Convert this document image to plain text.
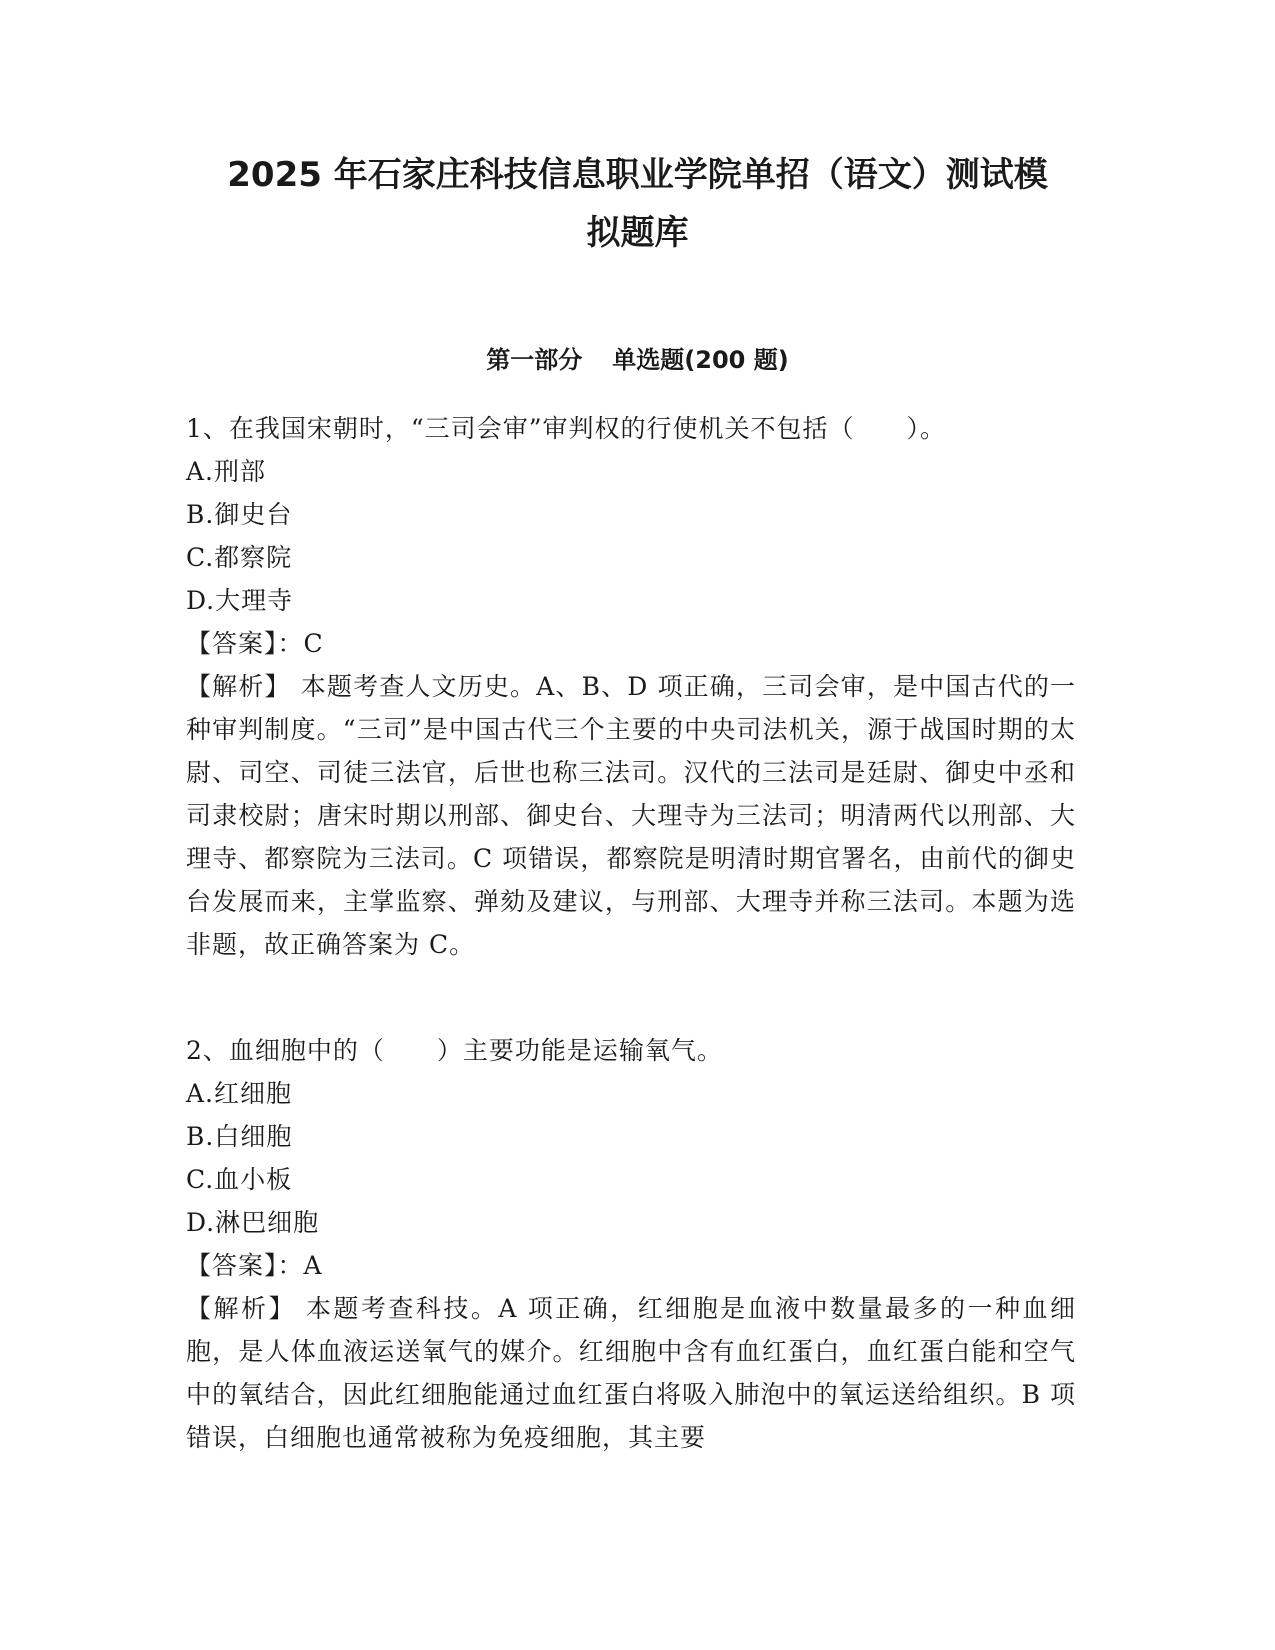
2025 年石家庄科技信息职业学院单招（语文）测试模
拟题库
第一部分 单选题(200 题)
1、在我国宋朝时，“三司会审”审判权的行使机关不包括（　　）。
A.刑部
B.御史台
C.都察院
D.大理寺
【答案】：C
【解析】 本题考查人文历史。A、B、D 项正确，三司会审，是中国古代的一种审判制度。“三司”是中国古代三个主要的中央司法机关，源于战国时期的太尉、司空、司徒三法官，后世也称三法司。汉代的三法司是廷尉、御史中丞和司隶校尉；唐宋时期以刑部、御史台、大理寺为三法司；明清两代以刑部、大理寺、都察院为三法司。C 项错误，都察院是明清时期官署名，由前代的御史台发展而来，主掌监察、弹劾及建议，与刑部、大理寺并称三法司。本题为选非题，故正确答案为 C。
2、血细胞中的（　　）主要功能是运输氧气。
A.红细胞
B.白细胞
C.血小板
D.淋巴细胞
【答案】：A
【解析】 本题考查科技。A 项正确，红细胞是血液中数量最多的一种血细胞，是人体血液运送氧气的媒介。红细胞中含有血红蛋白，血红蛋白能和空气中的氧结合，因此红细胞能通过血红蛋白将吸入肺泡中的氧运送给组织。B 项错误，白细胞也通常被称为免疫细胞，其主要
